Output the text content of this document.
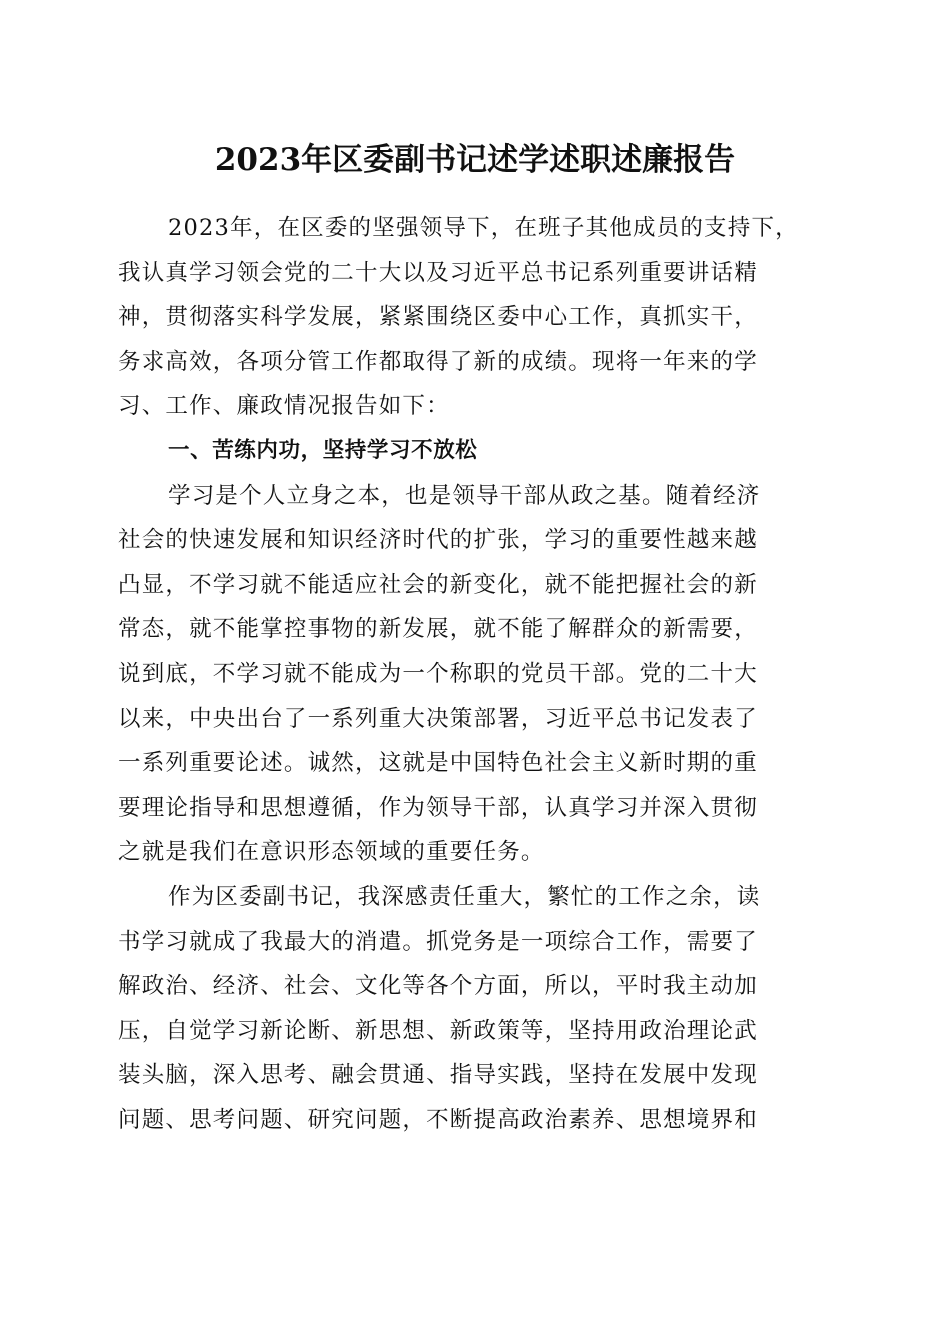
2023年区委副书记述学述职述廉报告
2023年，在区委的坚强领导下，在班子其他成员的支持下，
我认真学习领会党的二十大以及习近平总书记系列重要讲话精
神，贯彻落实科学发展，紧紧围绕区委中心工作，真抓实干，
务求高效，各项分管工作都取得了新的成绩。现将一年来的学
习、工作、廉政情况报告如下：
一、苦练内功，坚持学习不放松
学习是个人立身之本，也是领导干部从政之基。随着经济
社会的快速发展和知识经济时代的扩张，学习的重要性越来越
凸显，不学习就不能适应社会的新变化，就不能把握社会的新
常态，就不能掌控事物的新发展，就不能了解群众的新需要，
说到底，不学习就不能成为一个称职的党员干部。党的二十大
以来，中央出台了一系列重大决策部署，习近平总书记发表了
一系列重要论述。诚然，这就是中国特色社会主义新时期的重
要理论指导和思想遵循，作为领导干部，认真学习并深入贯彻
之就是我们在意识形态领域的重要任务。
作为区委副书记，我深感责任重大，繁忙的工作之余，读
书学习就成了我最大的消遣。抓党务是一项综合工作，需要了
解政治、经济、社会、文化等各个方面，所以，平时我主动加
压，自觉学习新论断、新思想、新政策等，坚持用政治理论武
装头脑，深入思考、融会贯通、指导实践，坚持在发展中发现
问题、思考问题、研究问题，不断提高政治素养、思想境界和
